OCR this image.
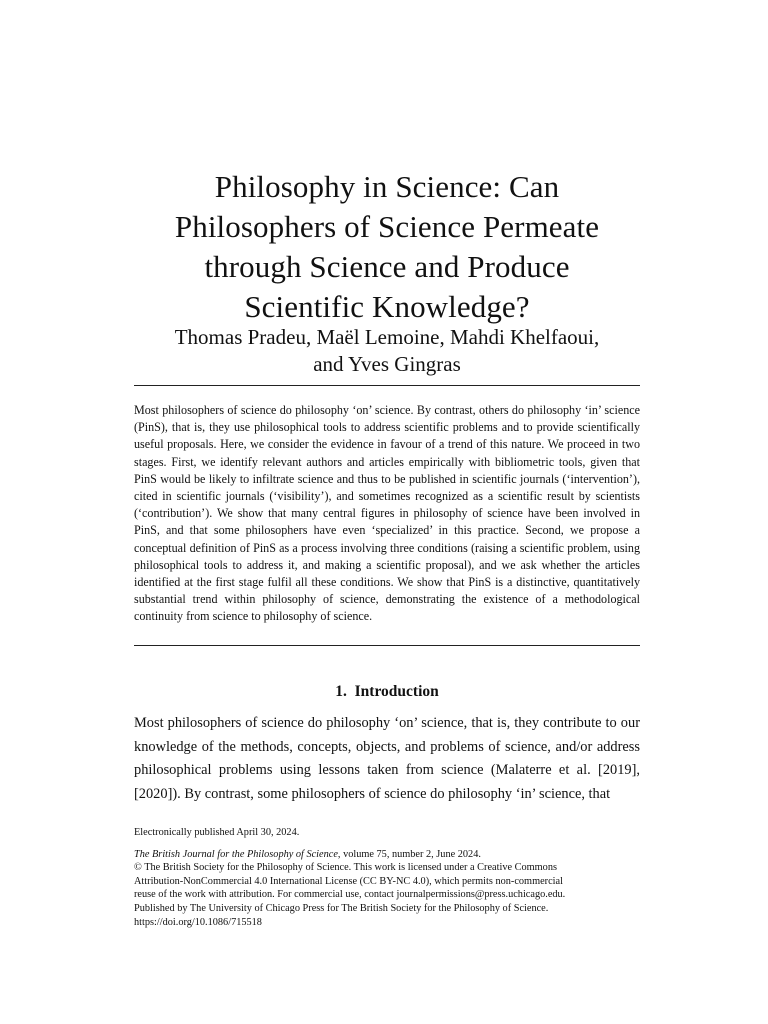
Philosophy in Science: Can
Philosophers of Science Permeate
through Science and Produce
Scientific Knowledge?

Thomas Pradeu, Maël Lemoine, Mahdi Khelfaoui,
and Yves Gingras

Most philosophers of science do philosophy ‘on’ science. By contrast, others do philosophy ‘in’ science (PinS), that is, they use philosophical tools to address scientific problems and to provide scientifically useful proposals. Here, we consider the evidence in favour of a trend of this nature. We proceed in two stages. First, we identify relevant authors and articles empirically with bibliometric tools, given that PinS would be likely to infiltrate science and thus to be published in scientific journals (‘intervention’), cited in scientific journals (‘visibility’), and sometimes recognized as a scientific result by scientists (‘contribution’). We show that many central figures in philosophy of science have been involved in PinS, and that some philosophers have even ‘specialized’ in this practice. Second, we propose a conceptual definition of PinS as a process involving three conditions (raising a scientific problem, using philosophical tools to address it, and making a scientific proposal), and we ask whether the articles identified at the first stage fulfil all these conditions. We show that PinS is a distinctive, quantitatively substantial trend within philosophy of science, demonstrating the existence of a methodological continuity from science to philosophy of science.

1. Introduction

Most philosophers of science do philosophy ‘on’ science, that is, they contribute to our knowledge of the methods, concepts, objects, and problems of science, and/or address philosophical problems using lessons taken from science (Malaterre et al. [2019], [2020]). By contrast, some philosophers of science do philosophy ‘in’ science, that

Electronically published April 30, 2024.
The British Journal for the Philosophy of Science, volume 75, number 2, June 2024.
© The British Society for the Philosophy of Science. This work is licensed under a Creative Commons
Attribution-NonCommercial 4.0 International License (CC BY-NC 4.0), which permits non-commercial
reuse of the work with attribution. For commercial use, contact journalpermissions@press.uchicago.edu.
Published by The University of Chicago Press for The British Society for the Philosophy of Science.
https://doi.org/10.1086/715518
